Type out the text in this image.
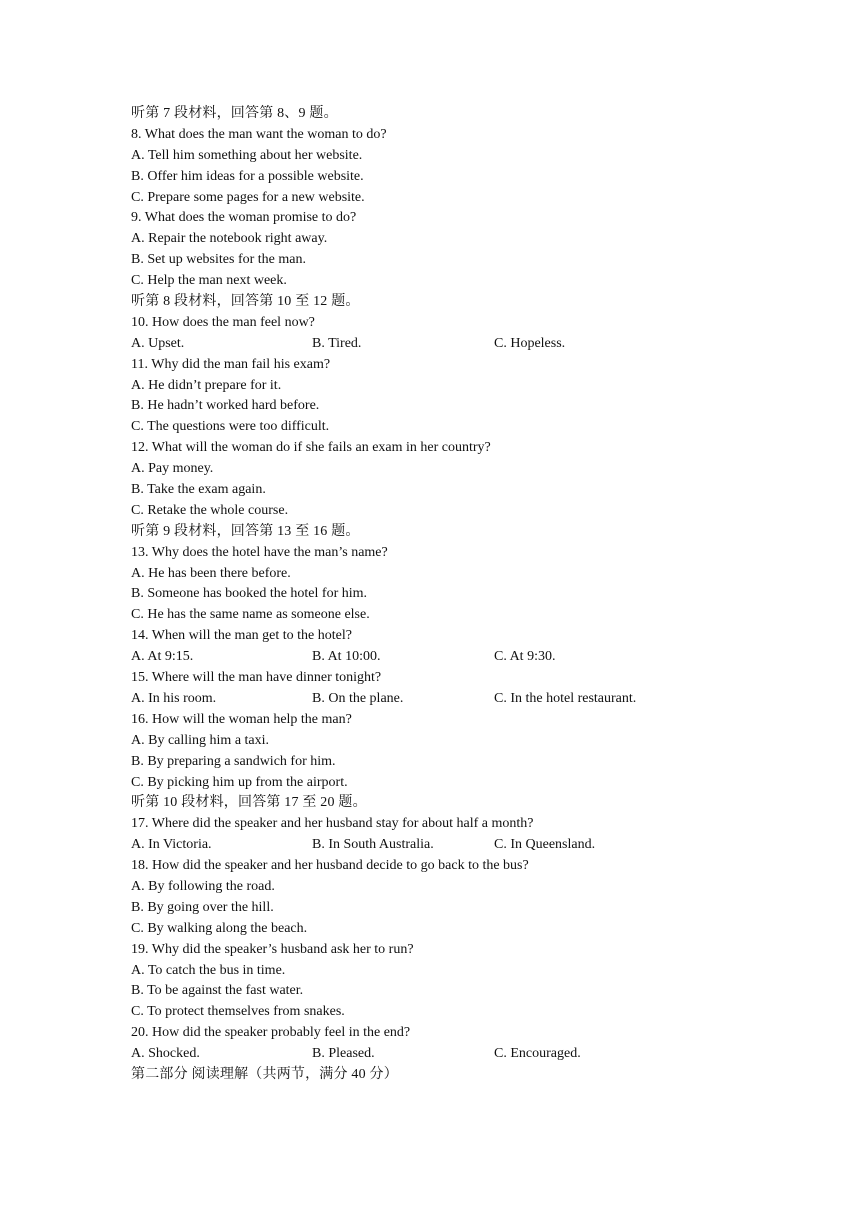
听第 7 段材料，回答第 8、9 题。
8. What does the man want the woman to do?
A. Tell him something about her website.
B. Offer him ideas for a possible website.
C. Prepare some pages for a new website.
9. What does the woman promise to do?
A. Repair the notebook right away.
B. Set up websites for the man.
C. Help the man next week.
听第 8 段材料，回答第 10 至 12 题。
10. How does the man feel now?
A. Upset.	B. Tired.	C. Hopeless.
11. Why did the man fail his exam?
A. He didn’t prepare for it.
B. He hadn’t worked hard before.
C. The questions were too difficult.
12. What will the woman do if she fails an exam in her country?
A. Pay money.
B. Take the exam again.
C. Retake the whole course.
听第 9 段材料，回答第 13 至 16 题。
13. Why does the hotel have the man’s name?
A. He has been there before.
B. Someone has booked the hotel for him.
C. He has the same name as someone else.
14. When will the man get to the hotel?
A. At 9:15.	B. At 10:00.	C. At 9:30.
15. Where will the man have dinner tonight?
A. In his room.	B. On the plane.	C. In the hotel restaurant.
16. How will the woman help the man?
A. By calling him a taxi.
B. By preparing a sandwich for him.
C. By picking him up from the airport.
听第 10 段材料，回答第 17 至 20 题。
17. Where did the speaker and her husband stay for about half a month?
A. In Victoria.	B. In South Australia.	C. In Queensland.
18. How did the speaker and her husband decide to go back to the bus?
A. By following the road.
B. By going over the hill.
C. By walking along the beach.
19. Why did the speaker’s husband ask her to run?
A. To catch the bus in time.
B. To be against the fast water.
C. To protect themselves from snakes.
20. How did the speaker probably feel in the end?
A. Shocked.	B. Pleased.	C. Encouraged.
第二部分 阅读理解（共两节，满分 40 分）
